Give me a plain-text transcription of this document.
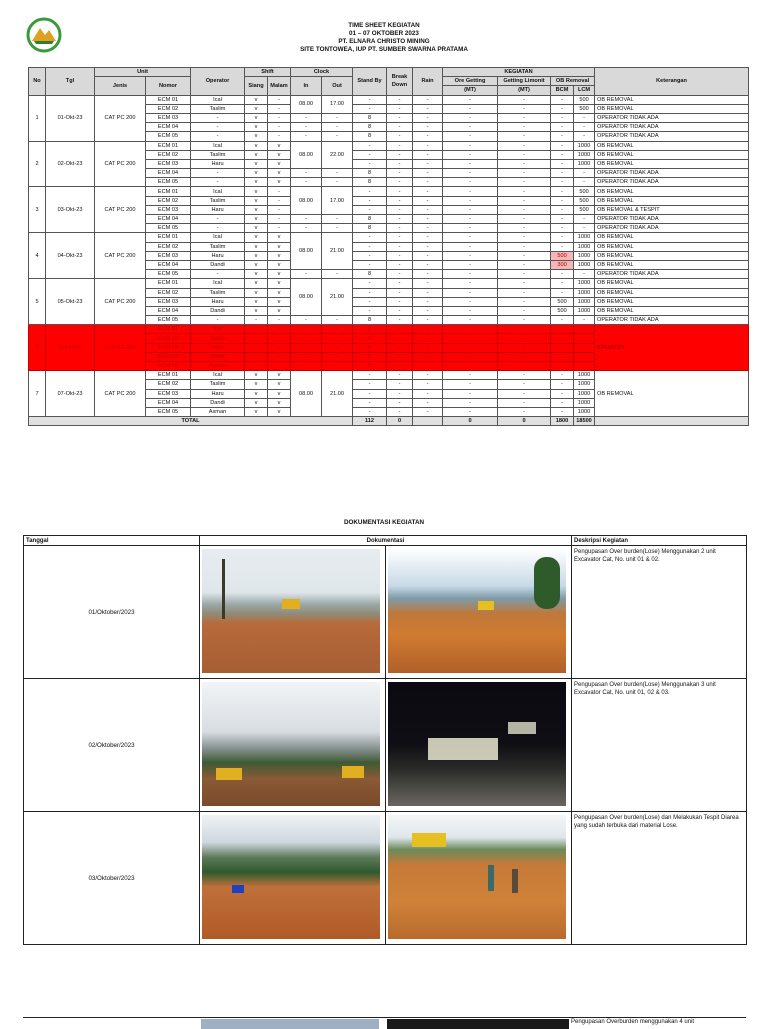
TIME SHEET KEGIATAN
01 – 07 OKTOBER 2023
PT. ELNARA CHRISTO MINING
SITE TONTOWEA, IUP PT. SUMBER SWARNA PRATAMA
No	Tgl	Unit		Operator	Shift		Clock		Stand By	Break Down	Rain	KEGIATAN				Keterangan
		Jenis	Nomor		Siang	Malam	In	Out				Ore Getting	Getting Limonit	OB Removal		
												(MT)	(MT)	BCM	LCM	
1	01-Okt-23	CAT PC 200	ECM 01	Ical	v	-	08.00	17.00	-	-	-	-	-	-	500	OB REMOVAL
			ECM 02	Taslim	v	-			-	-	-	-	-	-	500	OB REMOVAL
			ECM 03	-	v	-	-	-	8	-	-	-	-	-	-	OPERATOR TIDAK ADA
			ECM 04	-	v	-	-	-	8	-	-	-	-	-	-	OPERATOR TIDAK ADA
			ECM 05	-	v	-	-	-	8	-	-	-	-	-	-	OPERATOR TIDAK ADA
2	02-Okt-23	CAT PC 200	ECM 01	Ical	v	v	08.00	22.00	-	-	-	-	-	-	1000	OB REMOVAL
			ECM 02	Taslim	v	v			-	-	-	-	-	-	1000	OB REMOVAL
			ECM 03	Haru	v	v			-	-	-	-	-	-	1000	OB REMOVAL
			ECM 04	-	v	v	-	-	8	-	-	-	-	-	-	OPERATOR TIDAK ADA
			ECM 05	-	v	v	-	-	8	-	-	-	-	-	-	OPERATOR TIDAK ADA
3	03-Okt-23	CAT PC 200	ECM 01	Ical	v	-	08.00	17.00	-	-	-	-	-	-	500	OB REMOVAL
			ECM 02	Taslim	v	-			-	-	-	-	-	-	500	OB REMOVAL
			ECM 03	Haru	v	-			-	-	-	-	-	-	500	OB REMOVAL & TESPIT
			ECM 04	-	v	-	-	-	8	-	-	-	-	-	-	OPERATOR TIDAK ADA
			ECM 05	-	v	-	-	-	8	-	-	-	-	-	-	OPERATOR TIDAK ADA
4	04-Okt-23	CAT PC 200	ECM 01	Ical	v	v	08.00	21.00	-	-	-	-	-	-	1000	OB REMOVAL
			ECM 02	Taslim	v	v			-	-	-	-	-	-	1000	OB REMOVAL
			ECM 03	Haru	v	v			-	-	-	-	-	500	1000	OB REMOVAL
			ECM 04	Dandi	v	v			-	-	-	-	-	300	1000	OB REMOVAL
			ECM 05	-	v	v	-	-	8	-	-	-	-	-	-	OPERATOR TIDAK ADA
5	05-Okt-23	CAT PC 200	ECM 01	Ical	v	v	08.00	21.00	-	-	-	-	-	-	1000	OB REMOVAL
			ECM 02	Taslim	v	v			-	-	-	-	-	-	1000	OB REMOVAL
			ECM 03	Haru	v	v			-	-	-	-	-	500	1000	OB REMOVAL
			ECM 04	Dandi	v	v			-	-	-	-	-	500	1000	OB REMOVAL
			ECM 05	-	-	-	-	-	8	-	-	-	-	-	-	OPERATOR TIDAK ADA
6	06-Okt-23	CAT PC 200	ECM 01	Ical	-	-	-	-	8	-	-	-	-	-	-	STAND BY
			ECM 02	Taslim	-	-	-	-	8	-	-	-	-	-	-	
			ECM 03	Haru	-	-	-	-	8	-	-	-	-	-	-	
			ECM 04	Dandi	-	-	-	-	8	-	-	-	-	-	-	
			ECM 05	Asman	-	-	-	-	8	-	-	-	-	-	-	
7	07-Okt-23	CAT PC 200	ECM 01	Ical	v	v	08.00	21.00	-	-	-	-	-	-	1000	OB REMOVAL
			ECM 02	Taslim	v	v			-	-	-	-	-	-	1000	
			ECM 03	Haru	v	v			-	-	-	-	-	-	1000	
			ECM 04	Dandi	v	v			-	-	-	-	-	-	1000	
			ECM 05	Asman	v	v			-	-	-	-	-	-	1000	
TOTAL									112	0		0	0	1800	18500	
DOKUMENTASI KEGIATAN
Tanggal	Dokumentasi		Deskripsi Kegiatan
01/Oktober/2023			Pengupasan Over burden(Lose) Menggunakan 2 unit Excavator Cat, No. unit 01 & 02.
02/Oktober/2023			Pengupasan Over burden(Lose) Menggunakan 3 unit Excavator Cat, No. unit 01, 02 & 03.
03/Oktober/2023			Pengupasan Over burden(Lose) dan Melakukan Tespit Diarea yang sudah terbuka dari material Lose.
Pengupasan Overburden menggunakan 4 unit
